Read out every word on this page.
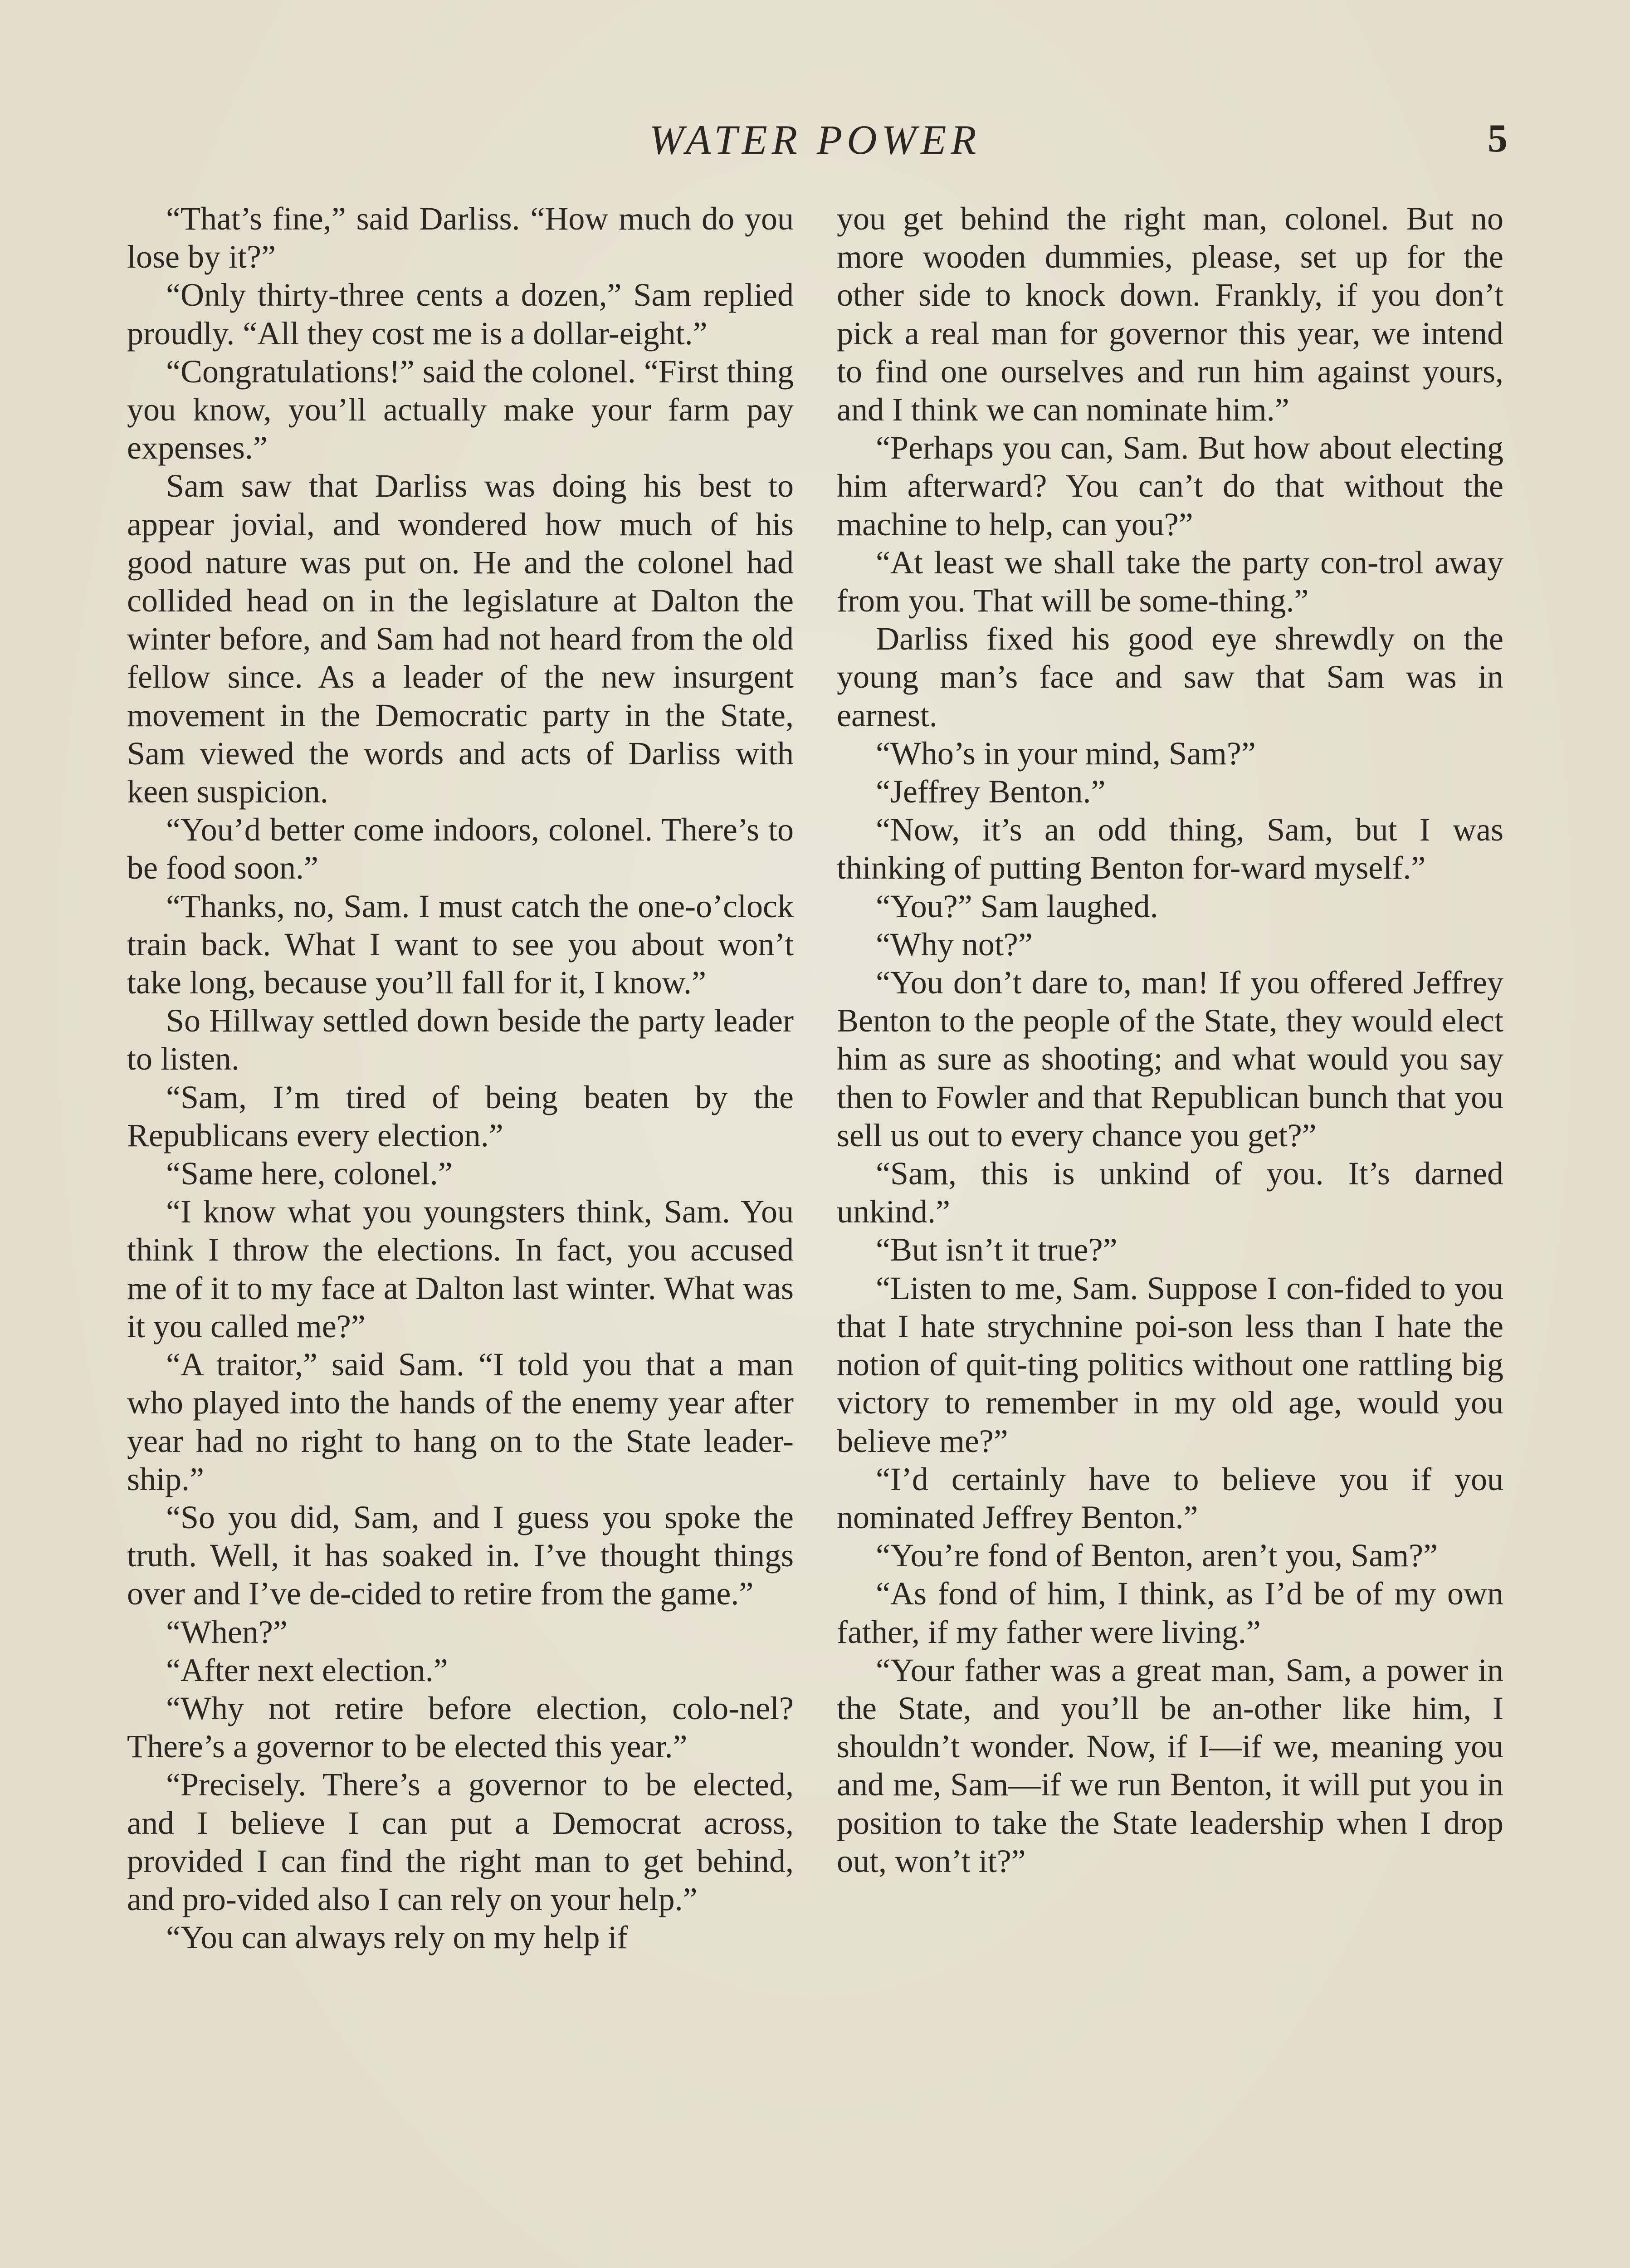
WATER POWER	5

“That’s fine,” said Darliss. “How much do you lose by it?”

“Only thirty-three cents a dozen,” Sam replied proudly. “All they cost me is a dollar-eight.”

“Congratulations!” said the colonel. “First thing you know, you’ll actually make your farm pay expenses.”

Sam saw that Darliss was doing his best to appear jovial, and wondered how much of his good nature was put on. He and the colonel had collided head on in the legislature at Dalton the winter before, and Sam had not heard from the old fellow since. As a leader of the new insurgent movement in the Democratic party in the State, Sam viewed the words and acts of Darliss with keen suspicion.

“You’d better come indoors, colonel. There’s to be food soon.”

“Thanks, no, Sam. I must catch the one-o’clock train back. What I want to see you about won’t take long, because you’ll fall for it, I know.”

So Hillway settled down beside the party leader to listen.

“Sam, I’m tired of being beaten by the Republicans every election.”

“Same here, colonel.”

“I know what you youngsters think, Sam. You think I throw the elections. In fact, you accused me of it to my face at Dalton last winter. What was it you called me?”

“A traitor,” said Sam. “I told you that a man who played into the hands of the enemy year after year had no right to hang on to the State leader-ship.”

“So you did, Sam, and I guess you spoke the truth. Well, it has soaked in. I’ve thought things over and I’ve de-cided to retire from the game.”

“When?”

“After next election.”

“Why not retire before election, colo-nel? There’s a governor to be elected this year.”

“Precisely. There’s a governor to be elected, and I believe I can put a Democrat across, provided I can find the right man to get behind, and pro-vided also I can rely on your help.”

“You can always rely on my help if

you get behind the right man, colonel. But no more wooden dummies, please, set up for the other side to knock down. Frankly, if you don’t pick a real man for governor this year, we intend to find one ourselves and run him against yours, and I think we can nominate him.”

“Perhaps you can, Sam. But how about electing him afterward? You can’t do that without the machine to help, can you?”

“At least we shall take the party con-trol away from you. That will be some-thing.”

Darliss fixed his good eye shrewdly on the young man’s face and saw that Sam was in earnest.

“Who’s in your mind, Sam?”

“Jeffrey Benton.”

“Now, it’s an odd thing, Sam, but I was thinking of putting Benton for-ward myself.”

“You?” Sam laughed.

“Why not?”

“You don’t dare to, man! If you offered Jeffrey Benton to the people of the State, they would elect him as sure as shooting; and what would you say then to Fowler and that Republican bunch that you sell us out to every chance you get?”

“Sam, this is unkind of you. It’s darned unkind.”

“But isn’t it true?”

“Listen to me, Sam. Suppose I con-fided to you that I hate strychnine poi-son less than I hate the notion of quit-ting politics without one rattling big victory to remember in my old age, would you believe me?”

“I’d certainly have to believe you if you nominated Jeffrey Benton.”

“You’re fond of Benton, aren’t you, Sam?”

“As fond of him, I think, as I’d be of my own father, if my father were living.”

“Your father was a great man, Sam, a power in the State, and you’ll be an-other like him, I shouldn’t wonder. Now, if I—if we, meaning you and me, Sam—if we run Benton, it will put you in position to take the State leadership when I drop out, won’t it?”
